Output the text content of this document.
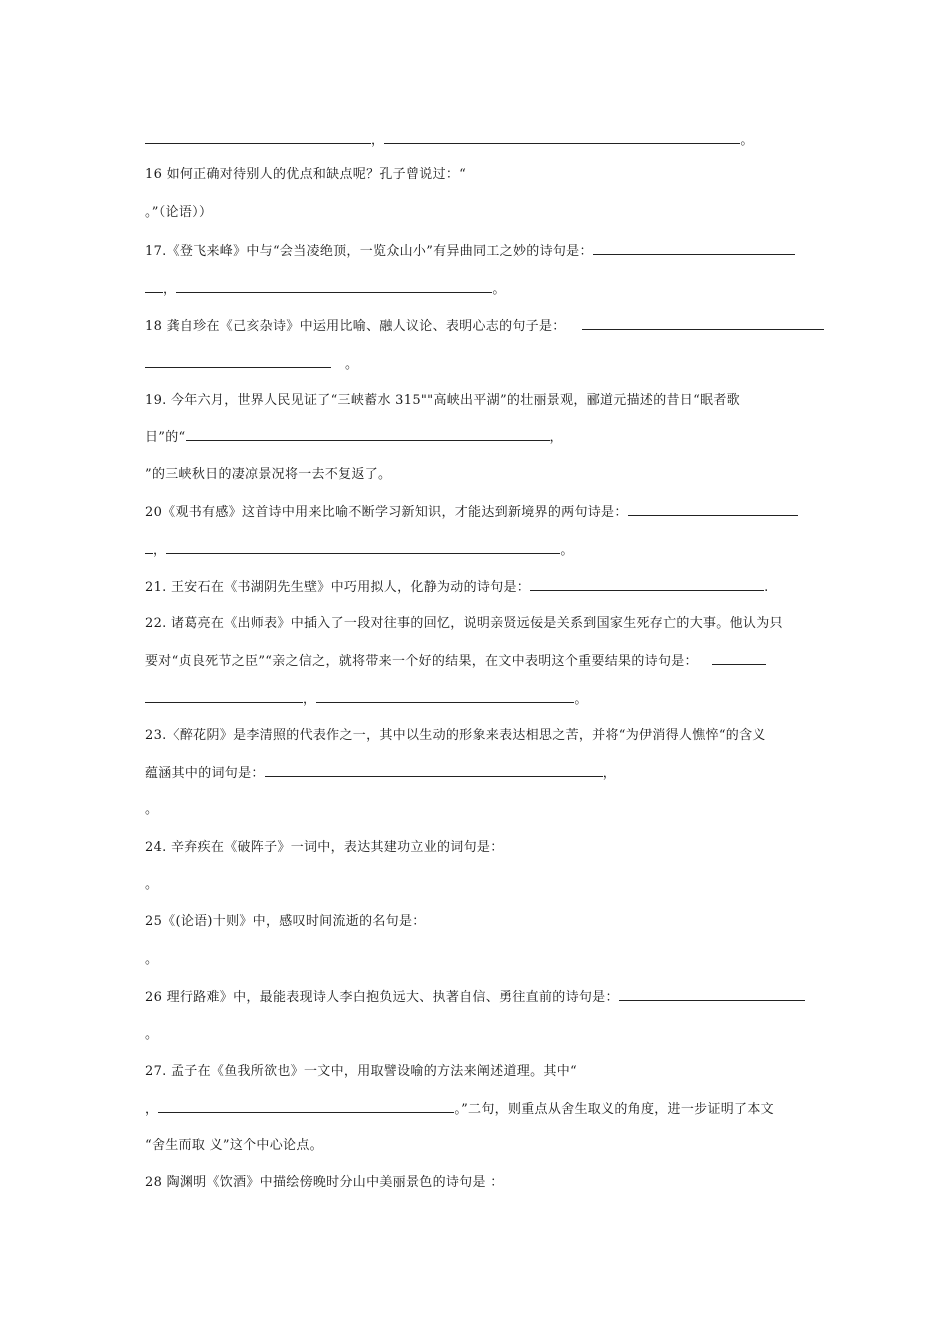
，	。
16 如何正确对待别人的优点和缺点呢？孔子曾说过：“
。”（论语））
17.《登飞来峰》中与“会当凌绝顶，一览众山小”有异曲同工之妙的诗句是：
，	。
18 龚自珍在《己亥杂诗》中运用比喻、融人议论、表明心志的句子是：
。
19. 今年六月，世界人民见证了“三峡蓄水 315""高峡出平湖”的壮丽景观，郦道元描述的昔日“眠者歌
日”的“	，
”的三峡秋日的凄凉景况将一去不复返了。
20《观书有感》这首诗中用来比喻不断学习新知识，才能达到新境界的两句诗是：
，	。
21. 王安石在《书湖阴先生壁》中巧用拟人，化静为动的诗句是：	.
22. 诸葛亮在《出师表》中插入了一段对往事的回忆，说明亲贤远佞是关系到国家生死存亡的大事。他认为只
要对“贞良死节之臣”“亲之信之，就将带来一个好的结果，在文中表明这个重要结果的诗句是：
，	。
23.〈醉花阴》是李清照的代表作之一，其中以生动的形象来表达相思之苦，并将“为伊消得人憔悴“的含义
蕴涵其中的词句是：	，
。
24. 辛弃疾在《破阵子》一词中，表达其建功立业的词句是：
。
25《(论语)十则》中，感叹时间流逝的名句是：
。
26 理行路难》中，最能表现诗人李白抱负远大、执著自信、勇往直前的诗句是：
。
27. 孟子在《鱼我所欲也》一文中，用取譬设喻的方法来阐述道理。其中“
，	。”二句，则重点从舍生取义的角度，进一步证明了本文
“舍生而取 义”这个中心论点。
28 陶渊明《饮酒》中描绘傍晚时分山中美丽景色的诗句是 ：
